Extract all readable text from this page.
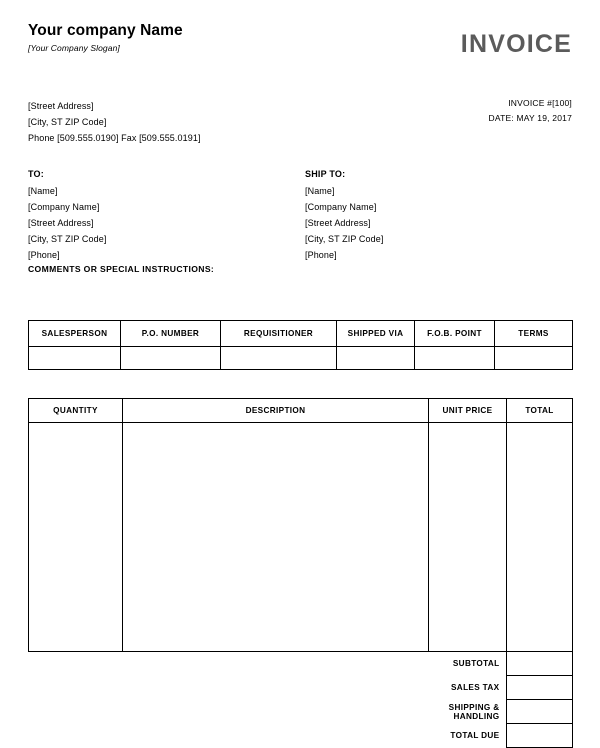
Your company Name
[Your Company Slogan]	INVOICE
[Street Address]
[City, ST ZIP Code]
Phone [509.555.0190] Fax [509.555.0191]
INVOICE #[100]
DATE: MAY 19, 2017
TO:
[Name]
[Company Name]
[Street Address]
[City, ST ZIP Code]
[Phone]
SHIP TO:
[Name]
[Company Name]
[Street Address]
[City, ST ZIP Code]
[Phone]
COMMENTS OR SPECIAL INSTRUCTIONS:
SALESPERSON	P.O. NUMBER	REQUISITIONER	SHIPPED VIA	F.O.B. POINT	TERMS

QUANTITY	DESCRIPTION	UNIT PRICE	TOTAL

	SUBTOTAL	
	SALES TAX	
	SHIPPING & HANDLING	
	TOTAL DUE	
